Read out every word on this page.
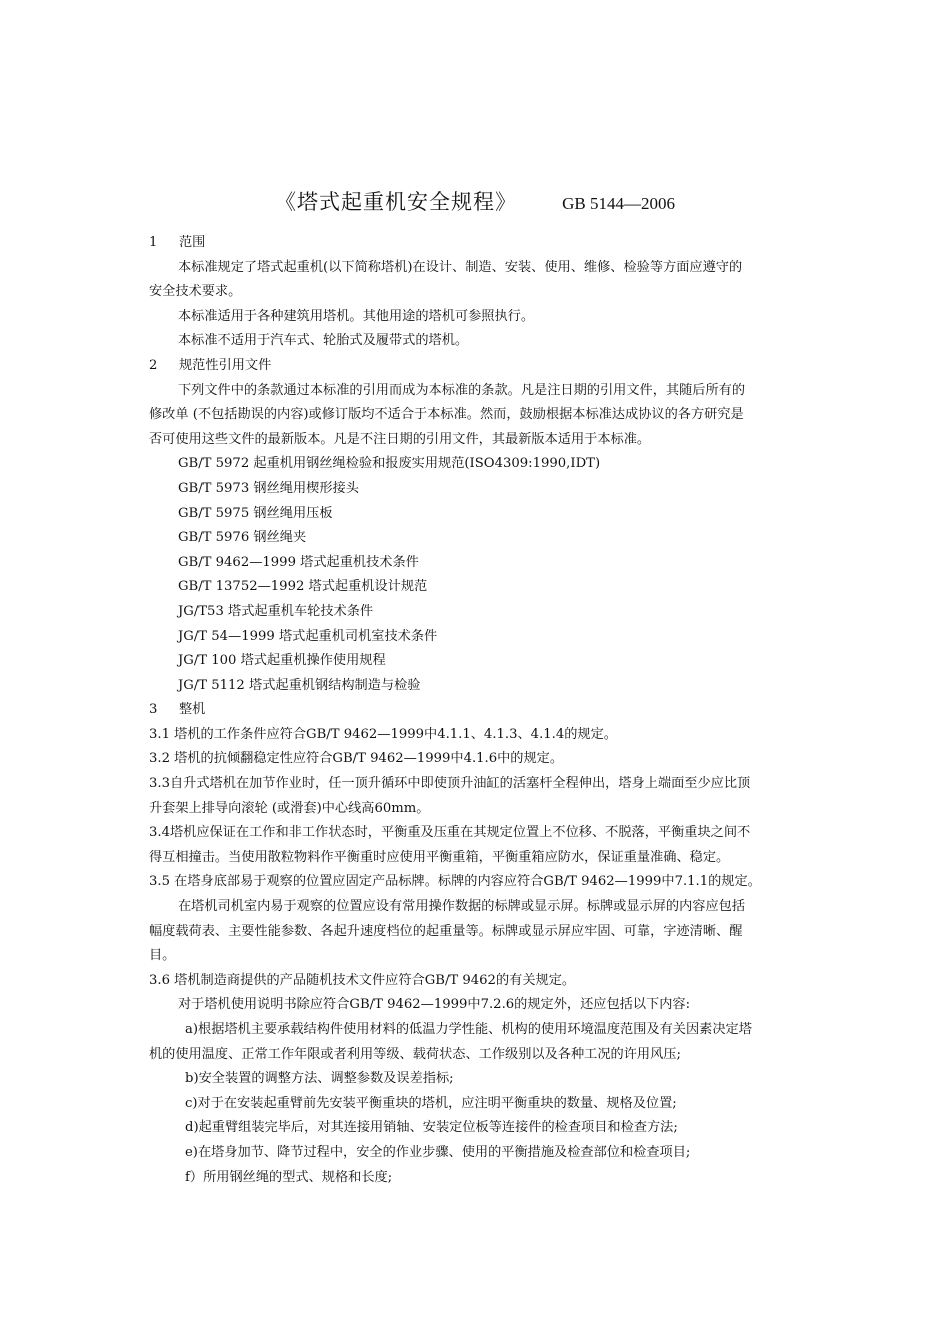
《塔式起重机安全规程》	GB 5144—2006
1 范围
本标准规定了塔式起重机(以下简称塔机)在设计、制造、安装、使用、维修、检验等方面应遵守的
安全技术要求。
本标准适用于各种建筑用塔机。其他用途的塔机可参照执行。
本标准不适用于汽车式、轮胎式及履带式的塔机。
2 规范性引用文件
下列文件中的条款通过本标准的引用而成为本标准的条款。凡是注日期的引用文件，其随后所有的
修改单 (不包括勘误的内容)或修订版均不适合于本标准。然而，鼓励根据本标准达成协议的各方研究是
否可使用这些文件的最新版本。凡是不注日期的引用文件，其最新版本适用于本标准。
GB/T 5972 起重机用钢丝绳检验和报废实用规范(ISO4309:1990,IDT)
GB/T 5973 钢丝绳用楔形接头
GB/T 5975 钢丝绳用压板
GB/T 5976 钢丝绳夹
GB/T 9462—1999 塔式起重机技术条件
GB/T 13752—1992 塔式起重机设计规范
JG/T53 塔式起重机车轮技术条件
JG/T 54—1999 塔式起重机司机室技术条件
JG/T 100 塔式起重机操作使用规程
JG/T 5112 塔式起重机钢结构制造与检验
3 整机
3.1 塔机的工作条件应符合GB/T 9462—1999中4.1.1、4.1.3、4.1.4的规定。
3.2 塔机的抗倾翻稳定性应符合GB/T 9462—1999中4.1.6中的规定。
3.3自升式塔机在加节作业时，任一顶升循环中即使顶升油缸的活塞杆全程伸出，塔身上端面至少应比顶
升套架上排导向滚轮 (或滑套)中心线高60mm。
3.4塔机应保证在工作和非工作状态时，平衡重及压重在其规定位置上不位移、不脱落，平衡重块之间不
得互相撞击。当使用散粒物料作平衡重时应使用平衡重箱，平衡重箱应防水，保证重量准确、稳定。
3.5 在塔身底部易于观察的位置应固定产品标牌。标牌的内容应符合GB/T 9462—1999中7.1.1的规定。
在塔机司机室内易于观察的位置应设有常用操作数据的标牌或显示屏。标牌或显示屏的内容应包括
幅度载荷表、主要性能参数、各起升速度档位的起重量等。标牌或显示屏应牢固、可靠，字迹清晰、醒
目。
3.6 塔机制造商提供的产品随机技术文件应符合GB/T 9462的有关规定。
对于塔机使用说明书除应符合GB/T 9462—1999中7.2.6的规定外，还应包括以下内容:
a)根据塔机主要承载结构件使用材料的低温力学性能、机构的使用环境温度范围及有关因素决定塔
机的使用温度、正常工作年限或者利用等级、载荷状态、工作级别以及各种工况的许用风压;
b)安全装置的调整方法、调整参数及误差指标;
c)对于在安装起重臂前先安装平衡重块的塔机，应注明平衡重块的数量、规格及位置;
d)起重臂组装完毕后，对其连接用销轴、安装定位板等连接件的检查项目和检查方法;
e)在塔身加节、降节过程中，安全的作业步骤、使用的平衡措施及检查部位和检查项目;
f）所用钢丝绳的型式、规格和长度;
